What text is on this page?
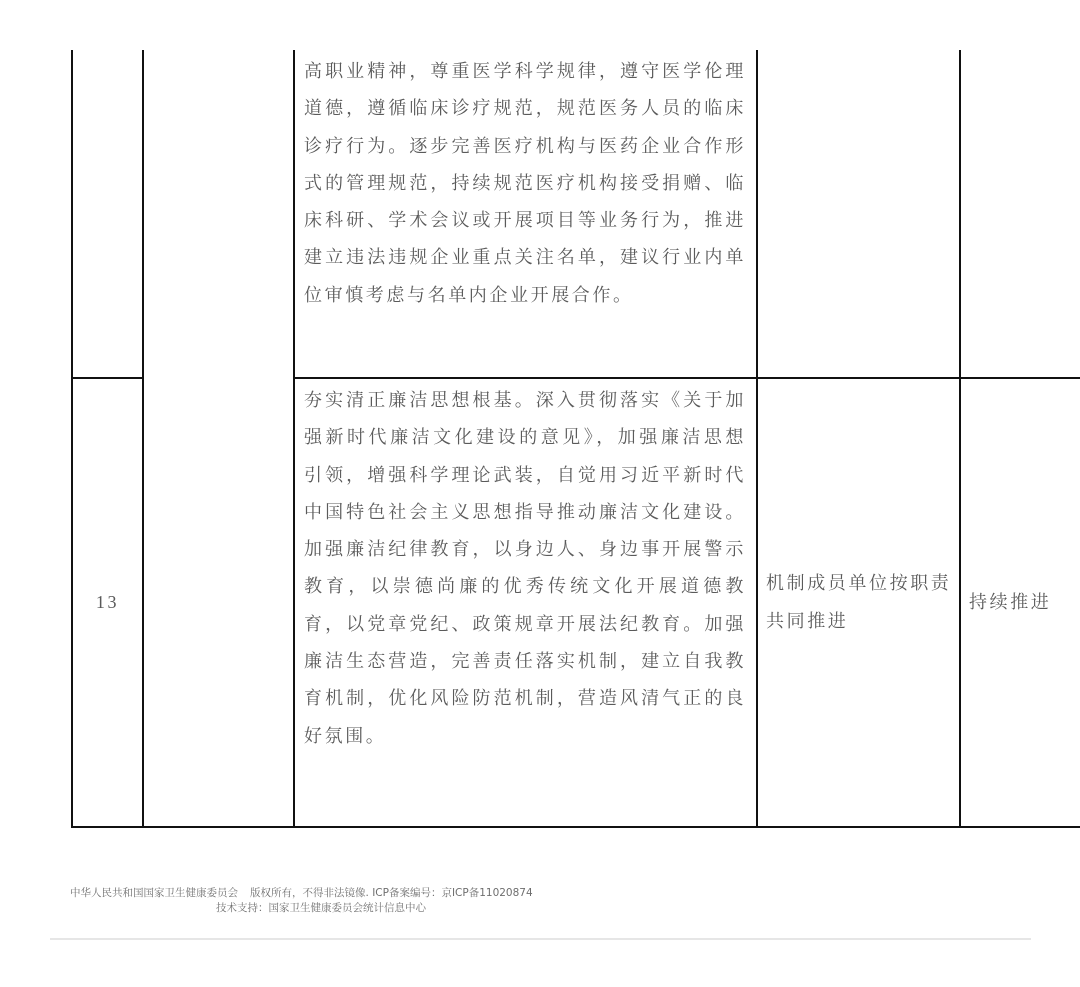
		高职业精神，尊重医学科学规律，遵守医学伦理道德，遵循临床诊疗规范，规范医务人员的临床诊疗行为。逐步完善医疗机构与医药企业合作形式的管理规范，持续规范医疗机构接受捐赠、临床科研、学术会议或开展项目等业务行为，推进建立违法违规企业重点关注名单，建议行业内单位审慎考虑与名单内企业开展合作。		
13		夯实清正廉洁思想根基。深入贯彻落实《关于加强新时代廉洁文化建设的意见》，加强廉洁思想引领，增强科学理论武装，自觉用习近平新时代中国特色社会主义思想指导推动廉洁文化建设。加强廉洁纪律教育，以身边人、身边事开展警示教育，以崇德尚廉的优秀传统文化开展道德教育，以党章党纪、政策规章开展法纪教育。加强廉洁生态营造，完善责任落实机制，建立自我教育机制，优化风险防范机制，营造风清气正的良好氛围。	机制成员单位按职责共同推进	持续推进
中华人民共和国国家卫生健康委员会 版权所有，不得非法镜像. ICP备案编号：京ICP备11020874
技术支持：国家卫生健康委员会统计信息中心
